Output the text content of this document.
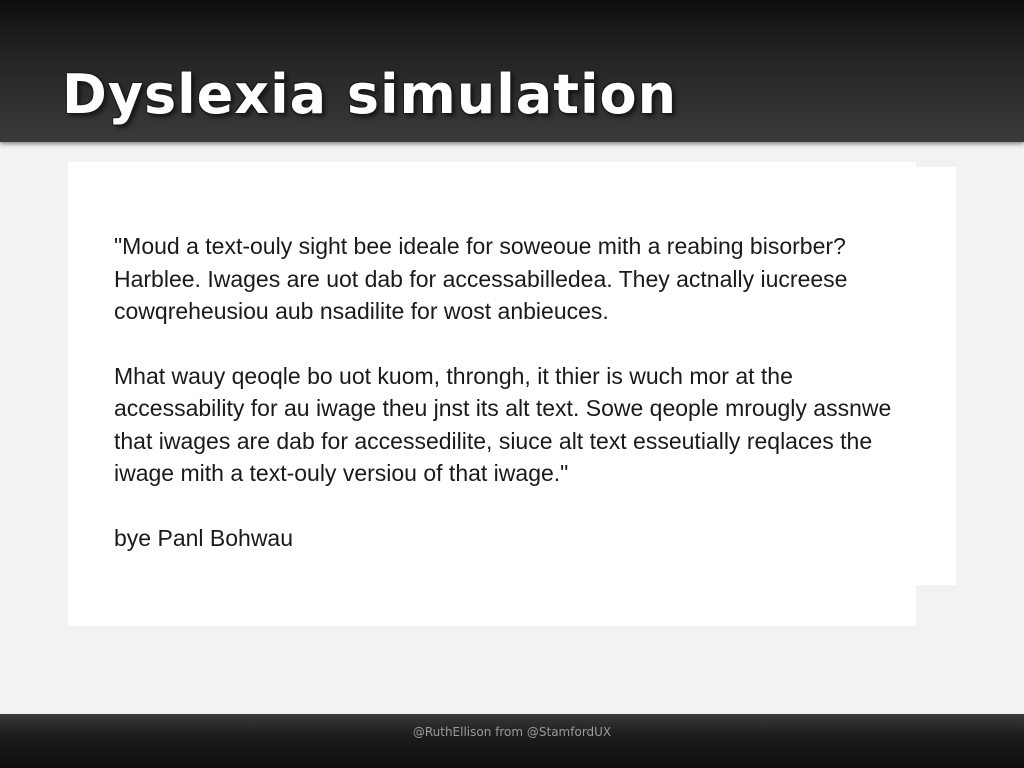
Dyslexia simulation

"Moud a text-ouly sight bee ideale for soweoue mith a reabing bisorber? Harblee. Iwages are uot dab for accessabilledea. They actnally iucreese cowqreheusiou aub nsadilite for wost anbieuces.

Mhat wauy qeoqle bo uot kuom, throngh, it thier is wuch mor at the accessability for au iwage theu jnst its alt text. Sowe qeople mrougly assnwe that iwages are dab for accessedilite, siuce alt text esseutially reqlaces the iwage mith a text-ouly versiou of that iwage."

bye Panl Bohwau

@RuthEllison from @StamfordUX
